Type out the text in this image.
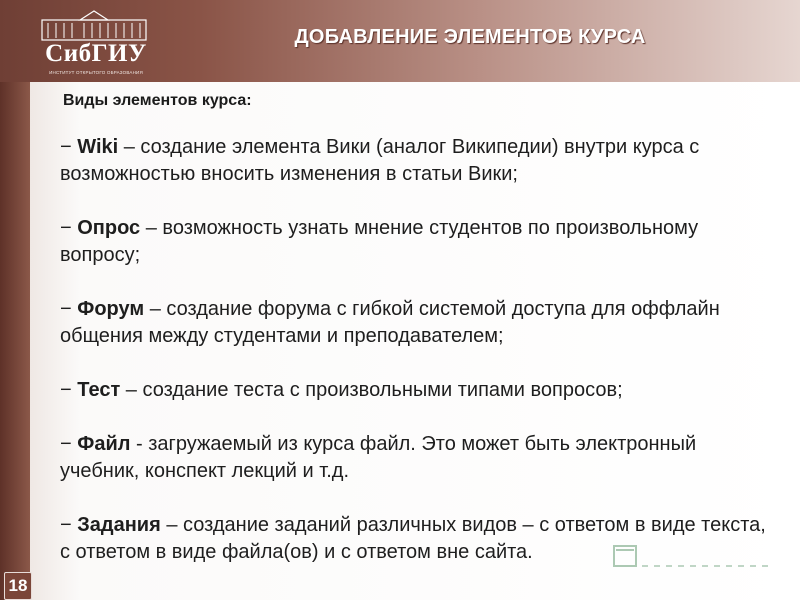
СибГИУ
ИНСТИТУТ ОТКРЫТОГО ОБРАЗОВАНИЯ
ДОБАВЛЕНИЕ ЭЛЕМЕНТОВ КУРСА
Виды элементов курса:

− Wiki – создание элемента Вики (аналог Википедии) внутри курса с возможностью вносить изменения в статьи Вики;

− Опрос – возможность узнать мнение студентов по произвольному вопросу;

− Форум – создание форума с гибкой системой доступа для оффлайн общения между студентами и преподавателем;

− Тест – создание теста с произвольными типами вопросов;

− Файл - загружаемый из курса файл. Это может быть электронный учебник, конспект лекций и т.д.

− Задания – создание заданий различных видов – с ответом в виде текста, с ответом в виде файла(ов) и с ответом вне сайта.

18
